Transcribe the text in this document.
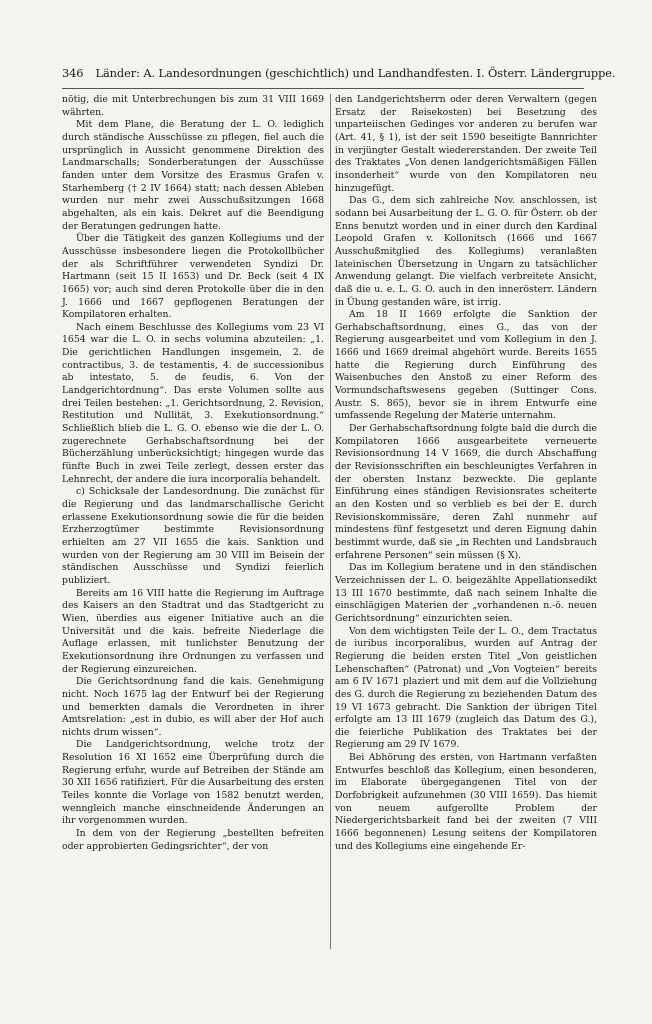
346 Länder: A. Landesordnungen (geschichtlich) und Landhandfesten. I. Österr. Ländergruppe.

nötig, die mit Unterbrechungen bis zum 31 VIII 1669 währten.

Mit dem Plane, die Beratung der L. O. lediglich durch ständische Ausschüsse zu pflegen, fiel auch die ursprünglich in Aussicht genommene Direktion des Landmarschalls; Sonderberatungen der Ausschüsse fanden unter dem Vorsitze des Erasmus Grafen v. Starhemberg († 2 IV 1664) statt; nach dessen Ableben wurden nur mehr zwei Ausschußsitzungen 1668 abgehalten, als ein kais. Dekret auf die Beendigung der Beratungen gedrungen hatte.

Über die Tätigkeit des ganzen Kollegiums und der Ausschüsse insbesondere liegen die Protokollbücher der als Schriftführer verwendeten Syndizi Dr. Hartmann (seit 15 II 1653) und Dr. Beck (seit 4 IX 1665) vor; auch sind deren Protokolle über die in den J. 1666 und 1667 gepflogenen Beratungen der Kompilatoren erhalten.

Nach einem Beschlusse des Kollegiums vom 23 VI 1654 war die L. O. in sechs volumina abzuteilen: „1. Die gerichtlichen Handlungen insgemein, 2. de contractibus, 3. de testamentis, 4. de successionibus ab intestato, 5. de feudis, 6. Von der Landgerichtordnung“. Das erste Volumen sollte aus drei Teilen bestehen: „1. Gerichtsordnung, 2. Revision, Restitution und Nullität, 3. Exekutionsordnung.“ Schließlich blieb die L. G. O. ebenso wie die der L. O. zugerechnete Gerhabschaftsordnung bei der Bücherzählung unberücksichtigt; hingegen wurde das fünfte Buch in zwei Teile zerlegt, dessen erster das Lehnrecht, der andere die iura incorporalia behandelt.

c) Schicksale der Landesordnung. Die zunächst für die Regierung und das landmarschallische Gericht erlassene Exekutionsordnung sowie die für die beiden Erzherzogtümer bestimmte Revisionsordnung erhielten am 27 VII 1655 die kais. Sanktion und wurden von der Regierung am 30 VIII im Beisein der ständischen Ausschüsse und Syndizi feierlich publiziert.

Bereits am 16 VIII hatte die Regierung im Auftrage des Kaisers an den Stadtrat und das Stadtgericht zu Wien, überdies aus eigener Initiative auch an die Universität und die kais. befreite Niederlage die Auflage erlassen, mit tunlichster Benutzung der Exekutionsordnung ihre Ordnungen zu verfassen und der Regierung einzureichen.

Die Gerichtsordnung fand die kais. Genehmigung nicht. Noch 1675 lag der Entwurf bei der Regierung und bemerkten damals die Verordneten in ihrer Amtsrelation: „est in dubio, es will aber der Hof auch nichts drum wissen“.

Die Landgerichtsordnung, welche trotz der Resolution 16 XI 1652 eine Überprüfung durch die Regierung erfuhr, wurde auf Betreiben der Stände am 30 XII 1656 ratifiziert. Für die Ausarbeitung des ersten Teiles konnte die Vorlage von 1582 benutzt werden, wenngleich manche einschneidende Änderungen an ihr vorgenommen wurden.

In dem von der Regierung „bestellten befreiten oder approbierten Gedingsrichter“, der von

den Landgerichtsherrn oder deren Verwaltern (gegen Ersatz der Reisekosten) bei Besetzung des unparteiischen Gedinges vor anderen zu berufen war (Art. 41, § 1), ist der seit 1590 beseitigte Bannrichter in verjüngter Gestalt wiedererstanden. Der zweite Teil des Traktates „Von denen landgerichtsmäßigen Fällen insonderheit“ wurde von den Kompilatoren neu hinzugefügt.

Das G., dem sich zahlreiche Nov. anschlossen, ist sodann bei Ausarbeitung der L. G. O. für Österr. ob der Enns benutzt worden und in einer durch den Kardinal Leopold Grafen v. Kollonitsch (1666 und 1667 Ausschußmitglied des Kollegiums) veranlaßten lateinischen Übersetzung in Ungarn zu tatsächlicher Anwendung gelangt. Die vielfach verbreitete Ansicht, daß die u. e. L. G. O. auch in den innerösterr. Ländern in Übung gestanden wäre, ist irrig.

Am 18 II 1669 erfolgte die Sanktion der Gerhabschaftsordnung, eines G., das von der Regierung ausgearbeitet und vom Kollegium in den J. 1666 und 1669 dreimal abgehört wurde. Bereits 1655 hatte die Regierung durch Einführung des Waisenbuches den Anstoß zu einer Reform des Vormundschaftswesens gegeben (Suttinger Cons. Austr. S. 865), bevor sie in ihrem Entwurfe eine umfassende Regelung der Materie unternahm.

Der Gerhabschaftsordnung folgte bald die durch die Kompilatoren 1666 ausgearbeitete verneuerte Revisionsordnung 14 V 1669, die durch Abschaffung der Revisionsschriften ein beschleunigtes Verfahren in der obersten Instanz bezweckte. Die geplante Einführung eines ständigen Revisionsrates scheiterte an den Kosten und so verblieb es bei der E. durch Revisionskommissäre, deren Zahl nunmehr auf mindestens fünf festgesetzt und deren Eignung dahin bestimmt wurde, daß sie „in Rechten und Landsbrauch erfahrene Personen“ sein müssen (§ X).

Das im Kollegium beratene und in den ständischen Verzeichnissen der L. O. beigezählte Appellationsedikt 13 III 1670 bestimmte, daß nach seinem Inhalte die einschlägigen Materien der „vorhandenen n.-ö. neuen Gerichtsordnung“ einzurichten seien.

Von dem wichtigsten Teile der L. O., dem Tractatus de iuribus incorporalibus, wurden auf Antrag der Regierung die beiden ersten Titel „Von geistlichen Lehenschaften“ (Patronat) und „Von Vogteien“ bereits am 6 IV 1671 plaziert und mit dem auf die Vollziehung des G. durch die Regierung zu beziehenden Datum des 19 VI 1673 gebracht. Die Sanktion der übrigen Titel erfolgte am 13 III 1679 (zugleich das Datum des G.), die feierliche Publikation des Traktates bei der Regierung am 29 IV 1679.

Bei Abhörung des ersten, von Hartmann verfaßten Entwurfes beschloß das Kollegium, einen besonderen, im Elaborate übergegangenen Titel von der Dorfobrigkeit aufzunehmen (30 VIII 1659). Das hiemit von neuem aufgerollte Problem der Niedergerichtsbarkeit fand bei der zweiten (7 VIII 1666 begonnenen) Lesung seitens der Kompilatoren und des Kollegiums eine eingehende Er-
